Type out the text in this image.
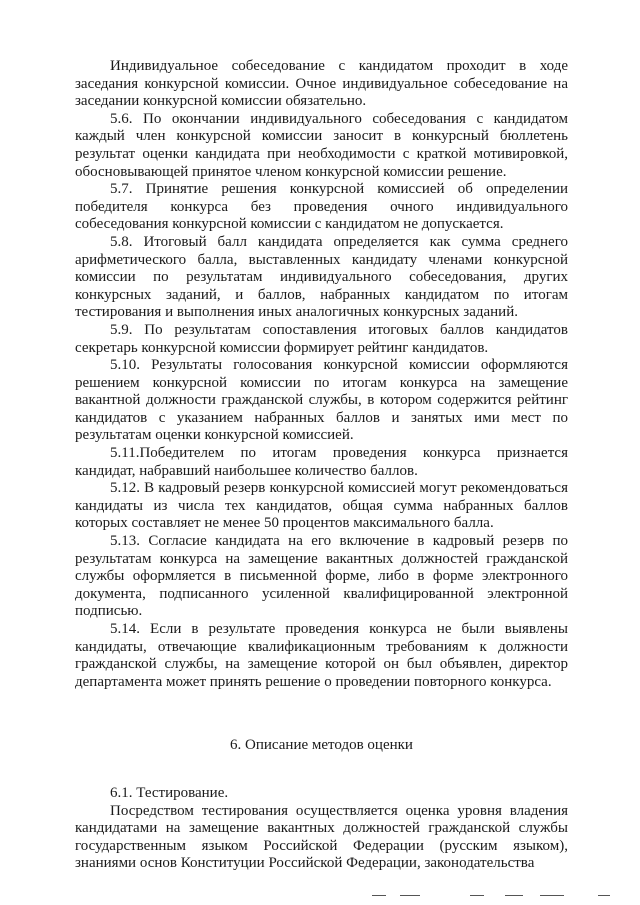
Индивидуальное собеседование с кандидатом проходит в ходе заседания конкурсной комиссии. Очное индивидуальное собеседование на заседании конкурсной комиссии обязательно.

5.6. По окончании индивидуального собеседования с кандидатом каждый член конкурсной комиссии заносит в конкурсный бюллетень результат оценки кандидата при необходимости с краткой мотивировкой, обосновывающей принятое членом конкурсной комиссии решение.

5.7. Принятие решения конкурсной комиссией об определении победителя конкурса без проведения очного индивидуального собеседования конкурсной комиссии с кандидатом не допускается.

5.8. Итоговый балл кандидата определяется как сумма среднего арифметического балла, выставленных кандидату членами конкурсной комиссии по результатам индивидуального собеседования, других конкурсных заданий, и баллов, набранных кандидатом по итогам тестирования и выполнения иных аналогичных конкурсных заданий.

5.9. По результатам сопоставления итоговых баллов кандидатов секретарь конкурсной комиссии формирует рейтинг кандидатов.

5.10. Результаты голосования конкурсной комиссии оформляются решением конкурсной комиссии по итогам конкурса на замещение вакантной должности гражданской службы, в котором содержится рейтинг кандидатов с указанием набранных баллов и занятых ими мест по результатам оценки конкурсной комиссией.

5.11.Победителем по итогам проведения конкурса признается кандидат, набравший наибольшее количество баллов.

5.12. В кадровый резерв конкурсной комиссией могут рекомендоваться кандидаты из числа тех кандидатов, общая сумма набранных баллов которых составляет не менее 50 процентов максимального балла.

5.13. Согласие кандидата на его включение в кадровый резерв по результатам конкурса на замещение вакантных должностей гражданской службы оформляется в письменной форме, либо в форме электронного документа, подписанного усиленной квалифицированной электронной подписью.

5.14. Если в результате проведения конкурса не были выявлены кандидаты, отвечающие квалификационным требованиям к должности гражданской службы, на замещение которой он был объявлен, директор департамента может принять решение о проведении повторного конкурса.

6. Описание методов оценки
6.1. Тестирование.

Посредством тестирования осуществляется оценка уровня владения кандидатами на замещение вакантных должностей гражданской службы государственным языком Российской Федерации (русским языком), знаниями основ Конституции Российской Федерации, законодательства
